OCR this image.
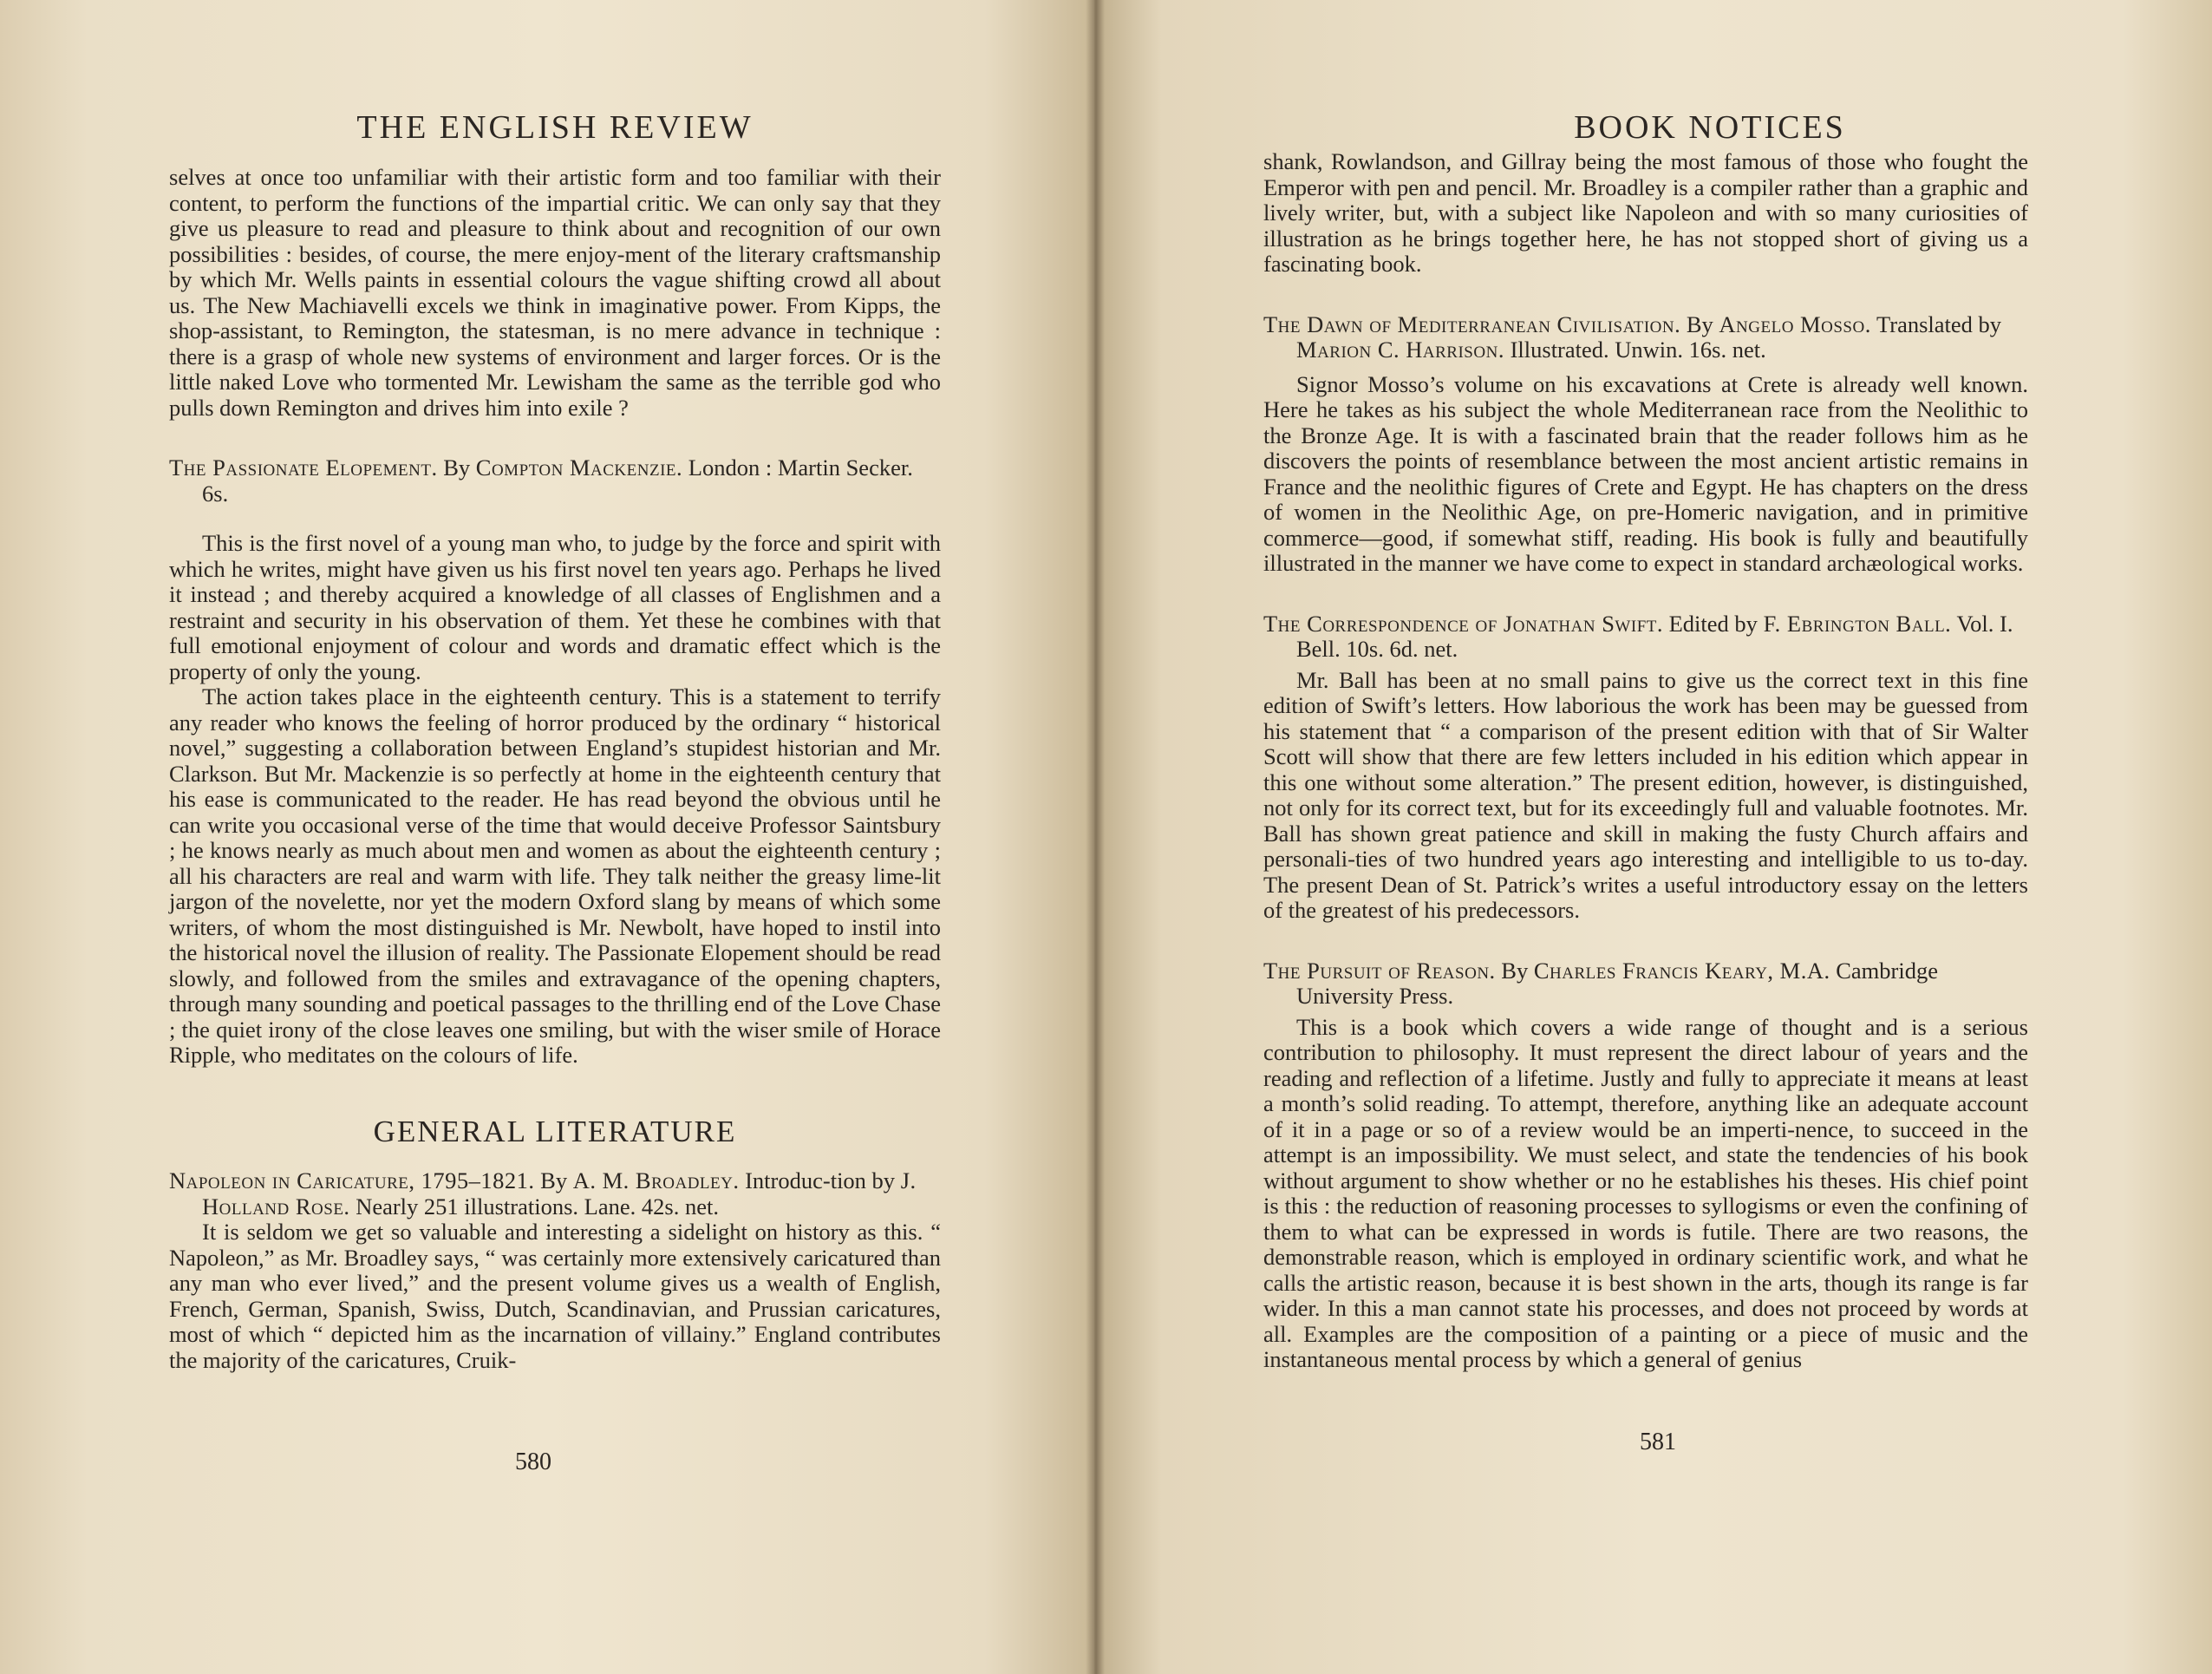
THE ENGLISH REVIEW

selves at once too unfamiliar with their artistic form and too familiar with their content, to perform the functions of the impartial critic. We can only say that they give us pleasure to read and pleasure to think about and recognition of our own possibilities : besides, of course, the mere enjoy-ment of the literary craftsmanship by which Mr. Wells paints in essential colours the vague shifting crowd all about us. The New Machiavelli excels we think in imaginative power. From Kipps, the shop-assistant, to Remington, the statesman, is no mere advance in technique : there is a grasp of whole new systems of environment and larger forces. Or is the little naked Love who tormented Mr. Lewisham the same as the terrible god who pulls down Remington and drives him into exile ?

The Passionate Elopement. By Compton Mackenzie. London : Martin Secker. 6s.

This is the first novel of a young man who, to judge by the force and spirit with which he writes, might have given us his first novel ten years ago. Perhaps he lived it instead ; and thereby acquired a knowledge of all classes of Englishmen and a restraint and security in his observation of them. Yet these he combines with that full emotional enjoyment of colour and words and dramatic effect which is the property of only the young.

The action takes place in the eighteenth century. This is a statement to terrify any reader who knows the feeling of horror produced by the ordinary “ historical novel,” suggesting a collaboration between England’s stupidest historian and Mr. Clarkson. But Mr. Mackenzie is so perfectly at home in the eighteenth century that his ease is communicated to the reader. He has read beyond the obvious until he can write you occasional verse of the time that would deceive Professor Saintsbury ; he knows nearly as much about men and women as about the eighteenth century ; all his characters are real and warm with life. They talk neither the greasy lime-lit jargon of the novelette, nor yet the modern Oxford slang by means of which some writers, of whom the most distinguished is Mr. Newbolt, have hoped to instil into the historical novel the illusion of reality. The Passionate Elopement should be read slowly, and followed from the smiles and extravagance of the opening chapters, through many sounding and poetical passages to the thrilling end of the Love Chase ; the quiet irony of the close leaves one smiling, but with the wiser smile of Horace Ripple, who meditates on the colours of life.

GENERAL LITERATURE
Napoleon in Caricature, 1795–1821. By A. M. Broadley. Introduc-tion by J. Holland Rose. Nearly 251 illustrations. Lane. 42s. net.

It is seldom we get so valuable and interesting a sidelight on history as this. “ Napoleon,” as Mr. Broadley says, “ was certainly more extensively caricatured than any man who ever lived,” and the present volume gives us a wealth of English, French, German, Spanish, Swiss, Dutch, Scandinavian, and Prussian caricatures, most of which “ depicted him as the incarnation of villainy.” England contributes the majority of the caricatures, Cruik-

580
BOOK NOTICES

shank, Rowlandson, and Gillray being the most famous of those who fought the Emperor with pen and pencil. Mr. Broadley is a compiler rather than a graphic and lively writer, but, with a subject like Napoleon and with so many curiosities of illustration as he brings together here, he has not stopped short of giving us a fascinating book.

The Dawn of Mediterranean Civilisation. By Angelo Mosso. Translated by Marion C. Harrison. Illustrated. Unwin. 16s. net.

Signor Mosso’s volume on his excavations at Crete is already well known. Here he takes as his subject the whole Mediterranean race from the Neolithic to the Bronze Age. It is with a fascinated brain that the reader follows him as he discovers the points of resemblance between the most ancient artistic remains in France and the neolithic figures of Crete and Egypt. He has chapters on the dress of women in the Neolithic Age, on pre-Homeric navigation, and in primitive commerce—good, if somewhat stiff, reading. His book is fully and beautifully illustrated in the manner we have come to expect in standard archæological works.

The Correspondence of Jonathan Swift. Edited by F. Ebrington Ball. Vol. I. Bell. 10s. 6d. net.

Mr. Ball has been at no small pains to give us the correct text in this fine edition of Swift’s letters. How laborious the work has been may be guessed from his statement that “ a comparison of the present edition with that of Sir Walter Scott will show that there are few letters included in his edition which appear in this one without some alteration.” The present edition, however, is distinguished, not only for its correct text, but for its exceedingly full and valuable footnotes. Mr. Ball has shown great patience and skill in making the fusty Church affairs and personali-ties of two hundred years ago interesting and intelligible to us to-day. The present Dean of St. Patrick’s writes a useful introductory essay on the letters of the greatest of his predecessors.

The Pursuit of Reason. By Charles Francis Keary, M.A. Cambridge University Press.

This is a book which covers a wide range of thought and is a serious contribution to philosophy. It must represent the direct labour of years and the reading and reflection of a lifetime. Justly and fully to appreciate it means at least a month’s solid reading. To attempt, therefore, anything like an adequate account of it in a page or so of a review would be an imperti-nence, to succeed in the attempt is an impossibility. We must select, and state the tendencies of his book without argument to show whether or no he establishes his theses. His chief point is this : the reduction of reasoning processes to syllogisms or even the confining of them to what can be expressed in words is futile. There are two reasons, the demonstrable reason, which is employed in ordinary scientific work, and what he calls the artistic reason, because it is best shown in the arts, though its range is far wider. In this a man cannot state his processes, and does not proceed by words at all. Examples are the composition of a painting or a piece of music and the instantaneous mental process by which a general of genius

581
